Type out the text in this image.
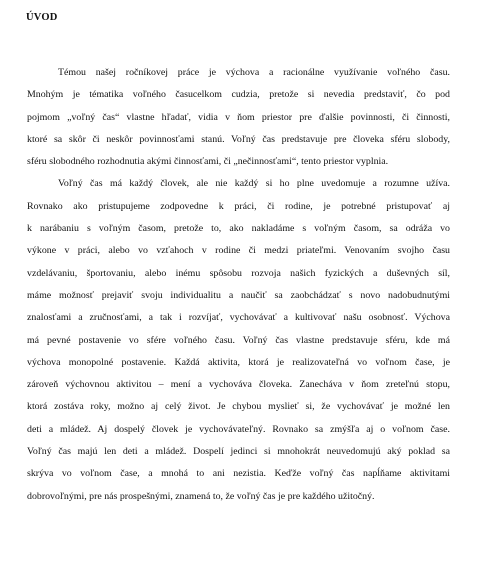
ÚVOD
Témou našej ročníkovej práce je výchova a racionálne využívanie voľného času.
Mnohým je tématika voľného časucelkom cudzia, pretože si nevedia predstaviť, čo pod
pojmom „voľný čas“ vlastne hľadať, vidia v ňom priestor pre ďalšie povinnosti, či činnosti,
ktoré sa skôr či neskôr povinnosťami stanú. Voľný čas predstavuje pre človeka sféru slobody,
sféru slobodného rozhodnutia akými činnosťami, či „nečinnosťami“, tento priestor vyplnia.
Voľný čas má každý človek, ale nie každý si ho plne uvedomuje a rozumne užíva.
Rovnako ako pristupujeme zodpovedne k práci, či rodine, je potrebné pristupovať aj
k narábaniu s voľným časom, pretože to, ako nakladáme s voľným časom, sa odráža vo
výkone v práci, alebo vo vzťahoch v rodine či medzi priateľmi. Venovaním svojho času
vzdelávaniu, športovaniu, alebo inému spôsobu rozvoja našich fyzických a duševných síl,
máme možnosť prejaviť svoju individualitu a naučiť sa zaobchádzať s novo nadobudnutými
znalosťami a zručnosťami, a tak i rozvíjať, vychovávať a kultivovať našu osobnosť. Výchova
má pevné postavenie vo sfére voľného času. Voľný čas vlastne predstavuje sféru, kde má
výchova monopolné postavenie. Každá aktivita, ktorá je realizovateľná vo voľnom čase, je
zároveň výchovnou aktivitou – mení a vychováva človeka. Zanecháva v ňom zreteľnú stopu,
ktorá zostáva roky, možno aj celý život. Je chybou myslieť si, že vychovávať je možné len
deti a mládež. Aj dospelý človek je vychovávateľný. Rovnako sa zmýšľa aj o voľnom čase.
Voľný čas majú len deti a mládež. Dospelí jedinci si mnohokrát neuvedomujú aký poklad sa
skrýva vo voľnom čase, a mnohá to ani nezistia. Keďže voľný čas napĺňame aktivitami
dobrovoľnými, pre nás prospešnými, znamená to, že voľný čas je pre každého užitočný.
